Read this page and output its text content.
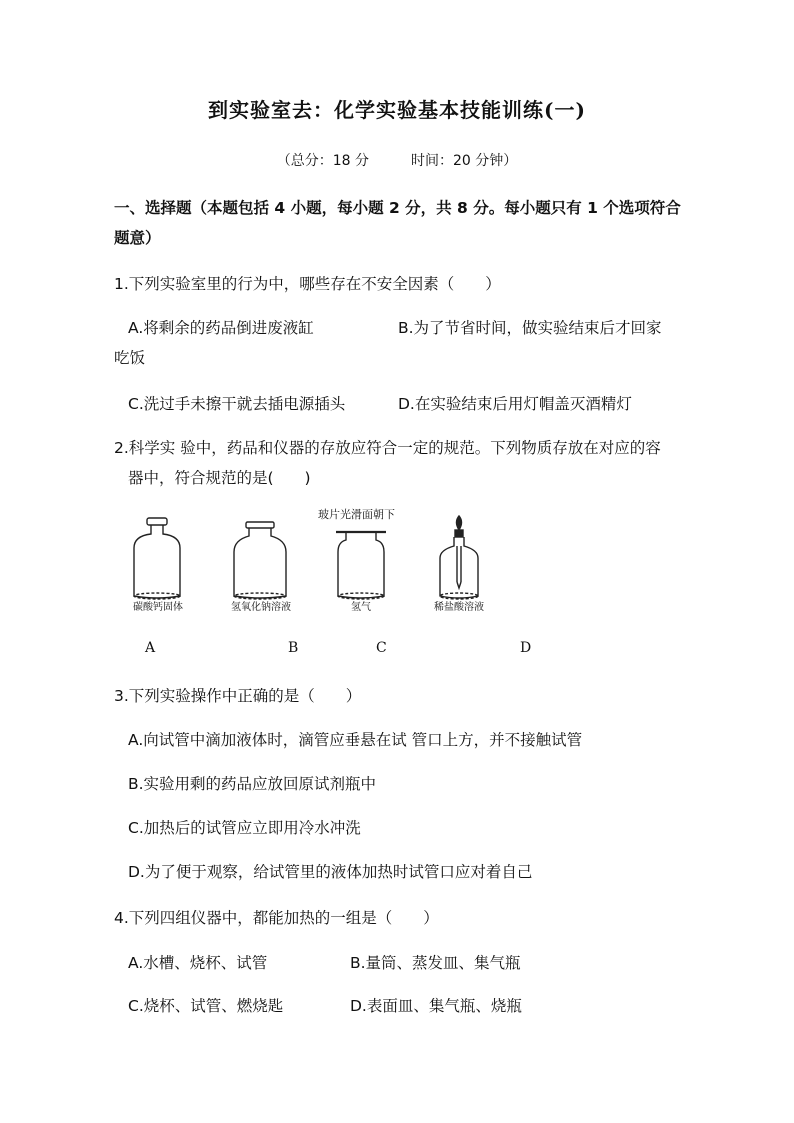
到实验室去：化学实验基本技能训练(一)
（总分：18 分　　　时间：20 分钟）
一、选择题（本题包括 4 小题，每小题 2 分，共 8 分。每小题只有 1 个选项符合
题意）
1.下列实验室里的行为中，哪些存在不安全因素（　　）
A.将剩余的药品倒进废液缸	B.为了节省时间，做实验结束后才回家
吃饭
C.洗过手未擦干就去插电源插头	D.在实验结束后用灯帽盖灭酒精灯
2.科学实 验中，药品和仪器的存放应符合一定的规范。下列物质存放在对应的容
器中，符合规范的是(　　)
玻片光滑面朝下
碳酸钙固体	氢氧化钠溶液	氢气	稀盐酸溶液
A	B	C	D
3.下列实验操作中正确的是（　　）
A.向试管中滴加液体时，滴管应垂悬在试 管口上方，并不接触试管
B.实验用剩的药品应放回原试剂瓶中
C.加热后的试管应立即用冷水冲洗
D.为了便于观察，给试管里的液体加热时试管口应对着自己
4.下列四组仪器中，都能加热的一组是（　　）
A.水槽、烧杯、试管	B.量筒、蒸发皿、集气瓶
C.烧杯、试管、燃烧匙	D.表面皿、集气瓶、烧瓶
